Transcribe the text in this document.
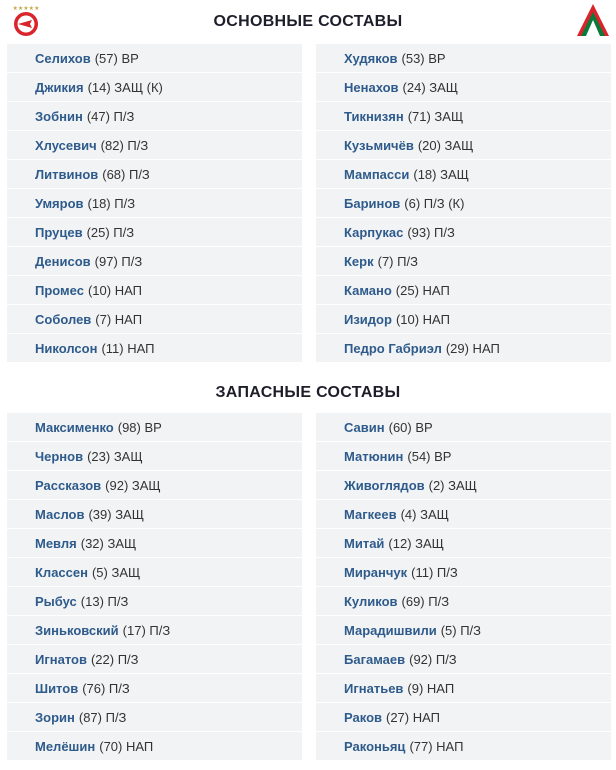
★★★★★
ОСНОВНЫЕ СОСТАВЫ
Селихов (57) ВР
Джикия (14) ЗАЩ (К)
Зобнин (47) П/З
Хлусевич (82) П/З
Литвинов (68) П/З
Умяров (18) П/З
Пруцев (25) П/З
Денисов (97) П/З
Промес (10) НАП
Соболев (7) НАП
Николсон (11) НАП
Худяков (53) ВР
Ненахов (24) ЗАЩ
Тикнизян (71) ЗАЩ
Кузьмичёв (20) ЗАЩ
Мампасси (18) ЗАЩ
Баринов (6) П/З (К)
Карпукас (93) П/З
Керк (7) П/З
Камано (25) НАП
Изидор (10) НАП
Педро Габриэл (29) НАП
ЗАПАСНЫЕ СОСТАВЫ
Максименко (98) ВР
Чернов (23) ЗАЩ
Рассказов (92) ЗАЩ
Маслов (39) ЗАЩ
Мевля (32) ЗАЩ
Классен (5) ЗАЩ
Рыбус (13) П/З
Зиньковский (17) П/З
Игнатов (22) П/З
Шитов (76) П/З
Зорин (87) П/З
Мелёшин (70) НАП
Савин (60) ВР
Матюнин (54) ВР
Живоглядов (2) ЗАЩ
Магкеев (4) ЗАЩ
Митай (12) ЗАЩ
Миранчук (11) П/З
Куликов (69) П/З
Марадишвили (5) П/З
Багамаев (92) П/З
Игнатьев (9) НАП
Раков (27) НАП
Раконьяц (77) НАП
